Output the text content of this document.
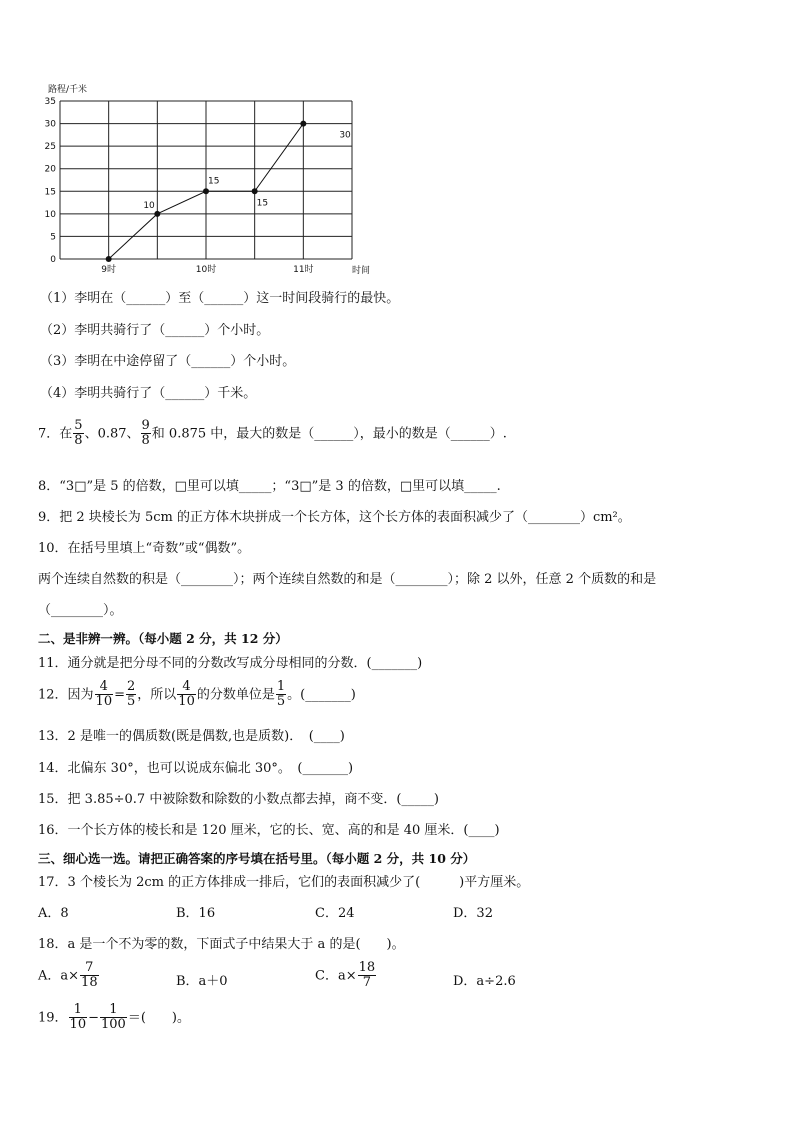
0
5
10
15
20
25
30
35
9时	10时	11时
10
15
15
30
路程/千米
时间
（1）李明在（______）至（______）这一时间段骑行的最快。
（2）李明共骑行了（______）个小时。
（3）李明在中途停留了（______）个小时。
（4）李明共骑行了（______）千米。
7．在 $\frac{5}{8}$ 、0.87、 $\frac{9}{8}$ 和 0.875 中，最大的数是（______），最小的数是（______）.
8．“3□”是 5 的倍数，□里可以填_____；“3□”是 3 的倍数，□里可以填_____.
9．把 2 块棱长为 5cm 的正方体木块拼成一个长方体，这个长方体的表面积减少了（________）cm²。
10．在括号里填上“奇数”或“偶数”。
两个连续自然数的积是（________）；两个连续自然数的和是（________）；除 2 以外，任意 2 个质数的和是
（________）。
二、是非辨一辨。（每小题 2 分，共 12 分）
11．通分就是把分母不同的分数改写成分母相同的分数．(_______)
12．因为 $\frac{4}{10} = \frac{2}{5}$ ，所以 $\frac{4}{10}$ 的分数单位是 $\frac{1}{5}$ 。(_______)
13．2 是唯一的偶质数(既是偶数,也是质数)．　(____)
14．北偏东 30°，也可以说成东偏北 30°。　(_______)
15．把 3.85÷0.7 中被除数和除数的小数点都去掉，商不变．(_____)
16．一个长方体的棱长和是 120 厘米，它的长、宽、高的和是 40 厘米．(____)
三、细心选一选。请把正确答案的序号填在括号里。（每小题 2 分，共 10 分）
17．3 个棱长为 2cm 的正方体排成一排后，它们的表面积减少了(　　　)平方厘米。
A．8	B．16	C．24	D．32
18．a 是一个不为零的数，下面式子中结果大于 a 的是(　　)。
A．$a\times \frac{7}{18}$	B．a＋0	C．$a\times \frac{18}{7}$	D．a÷2.6
19． $\frac{1}{10} - \frac{1}{100}$ ＝(　　)。
